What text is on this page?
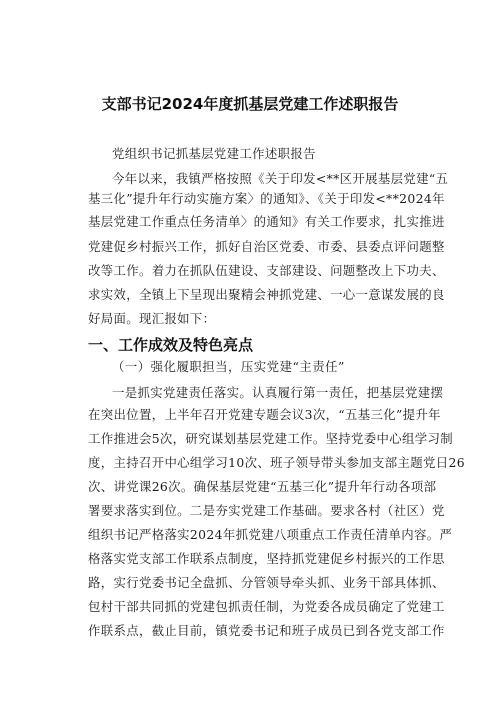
支部书记2024年度抓基层党建工作述职报告
党组织书记抓基层党建工作述职报告
今年以来，我镇严格按照《关于印发<**区开展基层党建“五
基三化”提升年行动实施方案〉的通知》、《关于印发<**2024年
基层党建工作重点任务清单〉的通知》有关工作要求，扎实推进
党建促乡村振兴工作，抓好自治区党委、市委、县委点评问题整
改等工作。着力在抓队伍建设、支部建设、问题整改上下功夫、
求实效，全镇上下呈现出聚精会神抓党建、一心一意谋发展的良
好局面。现汇报如下：
一、工作成效及特色亮点
（一）强化履职担当，压实党建“主责任”
一是抓实党建责任落实。认真履行第一责任，把基层党建摆
在突出位置，上半年召开党建专题会议3次，“五基三化”提升年
工作推进会5次，研究谋划基层党建工作。坚持党委中心组学习制
度，主持召开中心组学习10次、班子领导带头参加支部主题党日26
次、讲党课26次。确保基层党建“五基三化”提升年行动各项部
署要求落实到位。二是夯实党建工作基础。要求各村（社区）党
组织书记严格落实2024年抓党建八项重点工作责任清单内容。严
格落实党支部工作联系点制度，坚持抓党建促乡村振兴的工作思
路，实行党委书记全盘抓、分管领导牵头抓、业务干部具体抓、
包村干部共同抓的党建包抓责任制，为党委各成员确定了党建工
作联系点，截止目前，镇党委书记和班子成员已到各党支部工作
